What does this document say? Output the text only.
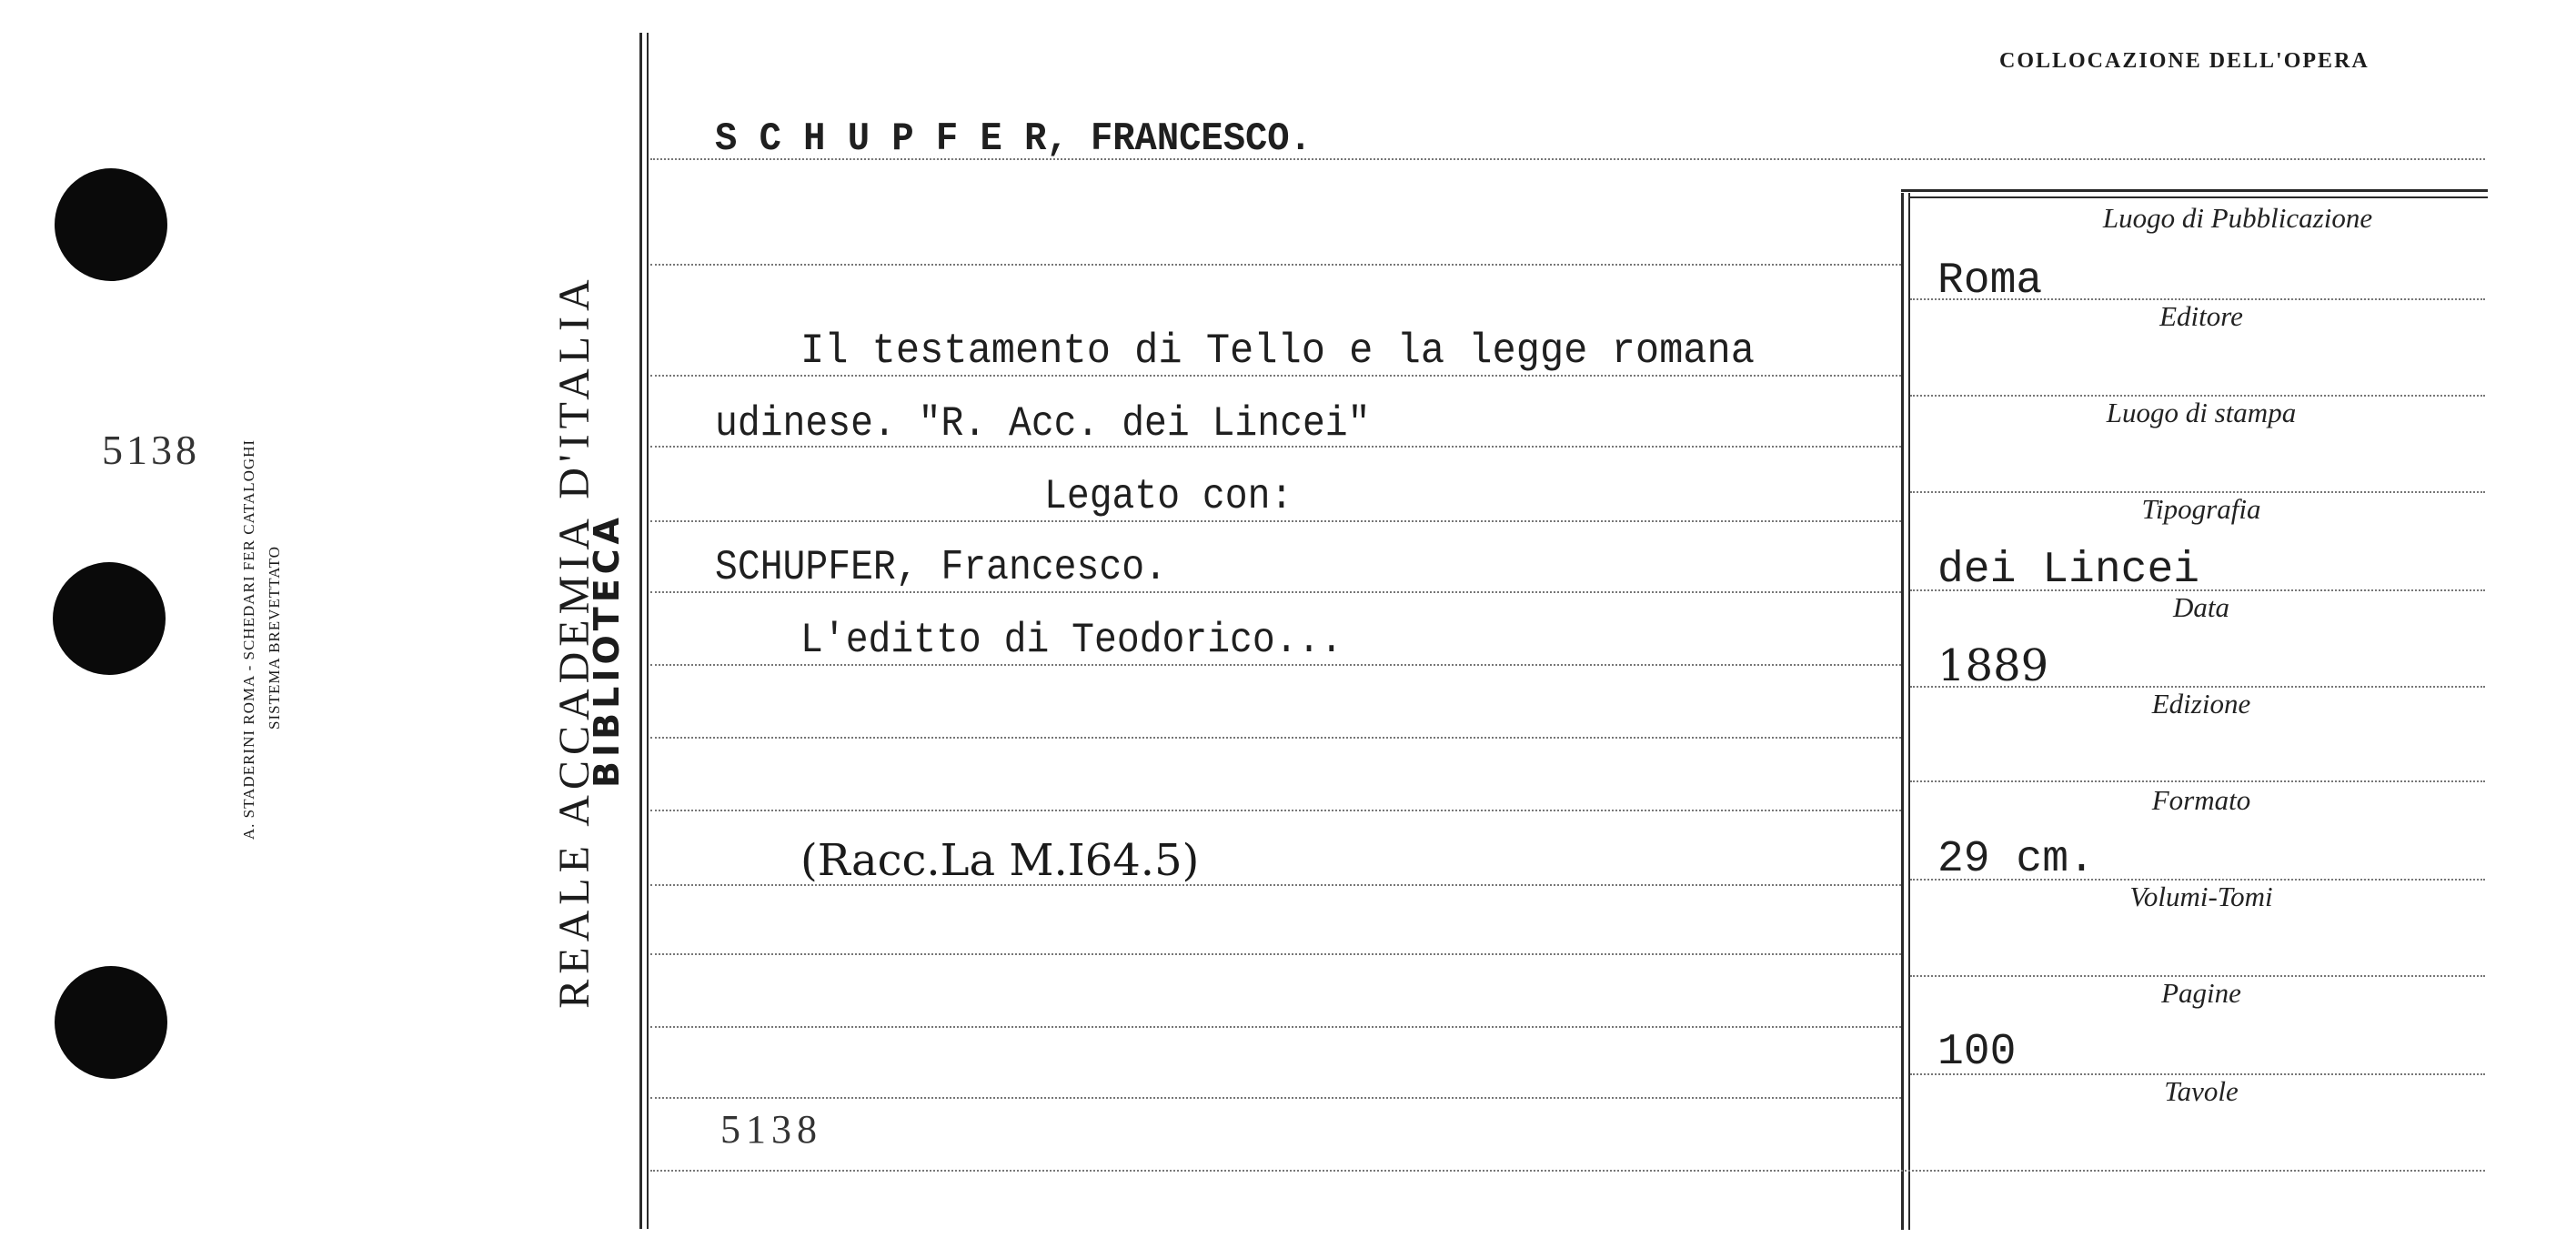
5138	A. STADERINI ROMA - SCHEDARI FER CATALOGHI SISTEMA BREVETTATO	REALE ACCADEMIA D'ITALIA
BIBLIOTECA
COLLOCAZIONE DELL'OPERA
S C H U P F E R, FRANCESCO.
Il testamento di Tello e la legge romana
udinese. "R. Acc. dei Lincei"
Legato con:
SCHUPFER, Francesco.
L'editto di Teodorico...
(Racc.La M.I64.5)
5138
Luogo di Pubblicazione
Roma
Editore
Luogo di stampa
Tipografia
dei Lincei
Data
1889
Edizione
Formato
29 cm.
Volumi-Tomi
Pagine
100
Tavole
